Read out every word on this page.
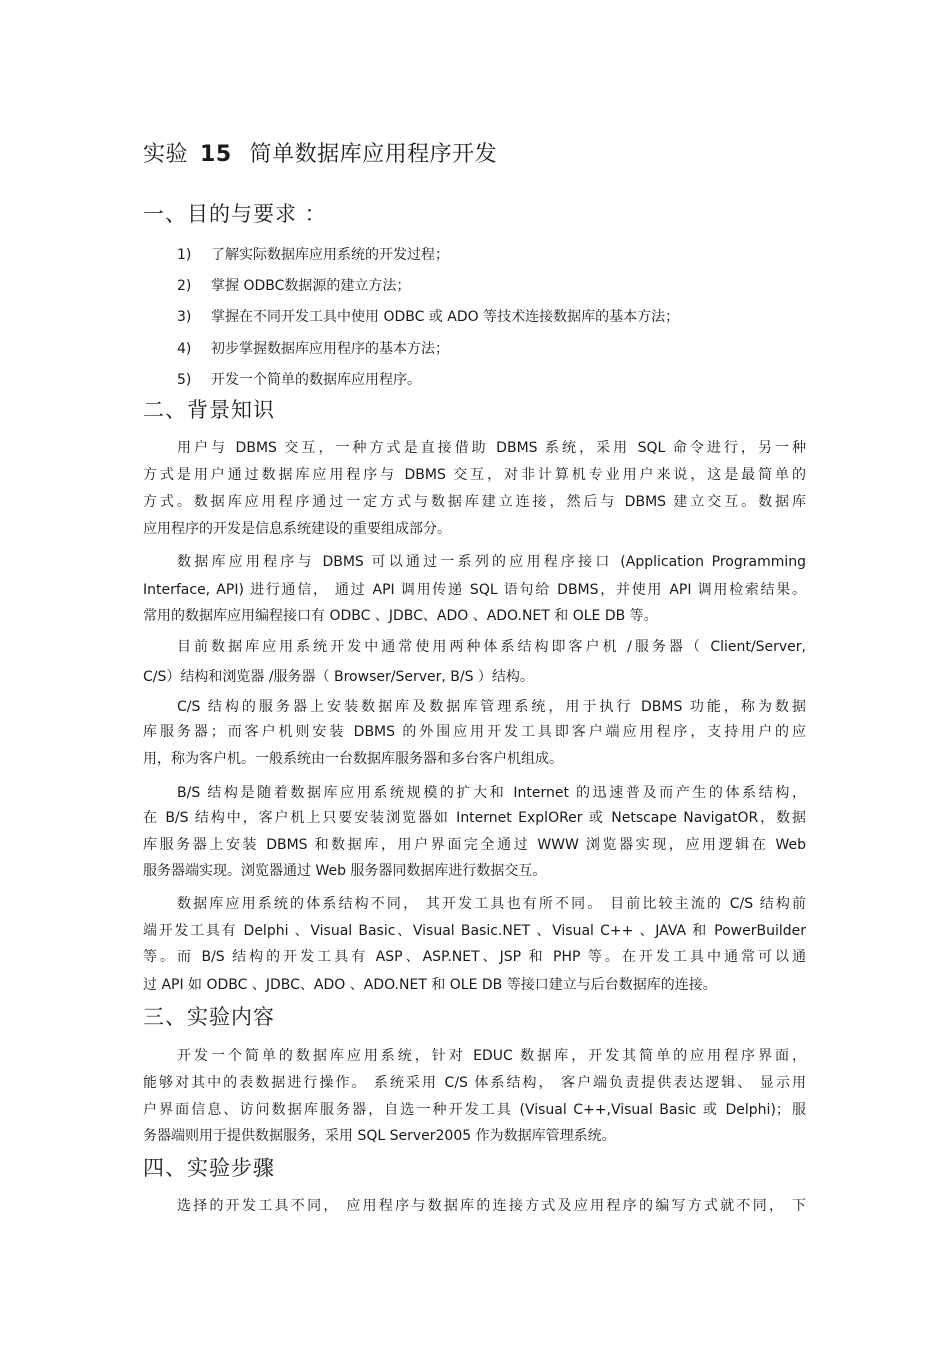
实验 15 简单数据库应用程序开发
一、目的与要求 ：
1) 了解实际数据库应用系统的开发过程；
2) 掌握 ODBC数据源的建立方法；
3) 掌握在不同开发工具中使用 ODBC 或 ADO 等技术连接数据库的基本方法；
4) 初步掌握数据库应用程序的基本方法；
5) 开发一个简单的数据库应用程序。
二、背景知识
用户与 DBMS 交互，一种方式是直接借助 DBMS 系统，采用 SQL 命令进行，另一种
方式是用户通过数据库应用程序与 DBMS 交互，对非计算机专业用户来说，这是最简单的
方式。数据库应用程序通过一定方式与数据库建立连接，然后与 DBMS 建立交互。数据库
应用程序的开发是信息系统建设的重要组成部分。
数据库应用程序与 DBMS 可以通过一系列的应用程序接口 (Application Programming
Interface, API) 进行通信， 通过 API 调用传递 SQL 语句给 DBMS，并使用 API 调用检索结果。
常用的数据库应用编程接口有 ODBC 、JDBC、ADO 、ADO.NET 和 OLE DB 等。
目前数据库应用系统开发中通常使用两种体系结构即客户机 /服务器（ Client/Server,
C/S）结构和浏览器 /服务器（ Browser/Server, B/S ）结构。
C/S 结构的服务器上安装数据库及数据库管理系统，用于执行 DBMS 功能，称为数据
库服务器；而客户机则安装 DBMS 的外围应用开发工具即客户端应用程序，支持用户的应
用，称为客户机。一般系统由一台数据库服务器和多台客户机组成。
B/S 结构是随着数据库应用系统规模的扩大和 Internet 的迅速普及而产生的体系结构，
在 B/S 结构中，客户机上只要安装浏览器如 Internet ExplORer 或 Netscape NavigatOR，数据
库服务器上安装 DBMS 和数据库，用户界面完全通过 WWW 浏览器实现，应用逻辑在 Web
服务器端实现。浏览器通过 Web 服务器同数据库进行数据交互。
数据库应用系统的体系结构不同， 其开发工具也有所不同。 目前比较主流的 C/S 结构前
端开发工具有 Delphi 、Visual Basic、Visual Basic.NET 、Visual C++ 、JAVA 和 PowerBuilder
等。而 B/S 结构的开发工具有 ASP、ASP.NET、JSP 和 PHP 等。在开发工具中通常可以通
过 API 如 ODBC 、JDBC、ADO 、ADO.NET 和 OLE DB 等接口建立与后台数据库的连接。
三、实验内容
开发一个简单的数据库应用系统，针对 EDUC 数据库，开发其简单的应用程序界面，
能够对其中的表数据进行操作。 系统采用 C/S 体系结构， 客户端负责提供表达逻辑、 显示用
户界面信息、访问数据库服务器，自选一种开发工具 (Visual C++,Visual Basic 或 Delphi)；服
务器端则用于提供数据服务，采用 SQL Server2005 作为数据库管理系统。
四、实验步骤
选择的开发工具不同， 应用程序与数据库的连接方式及应用程序的编写方式就不同， 下
